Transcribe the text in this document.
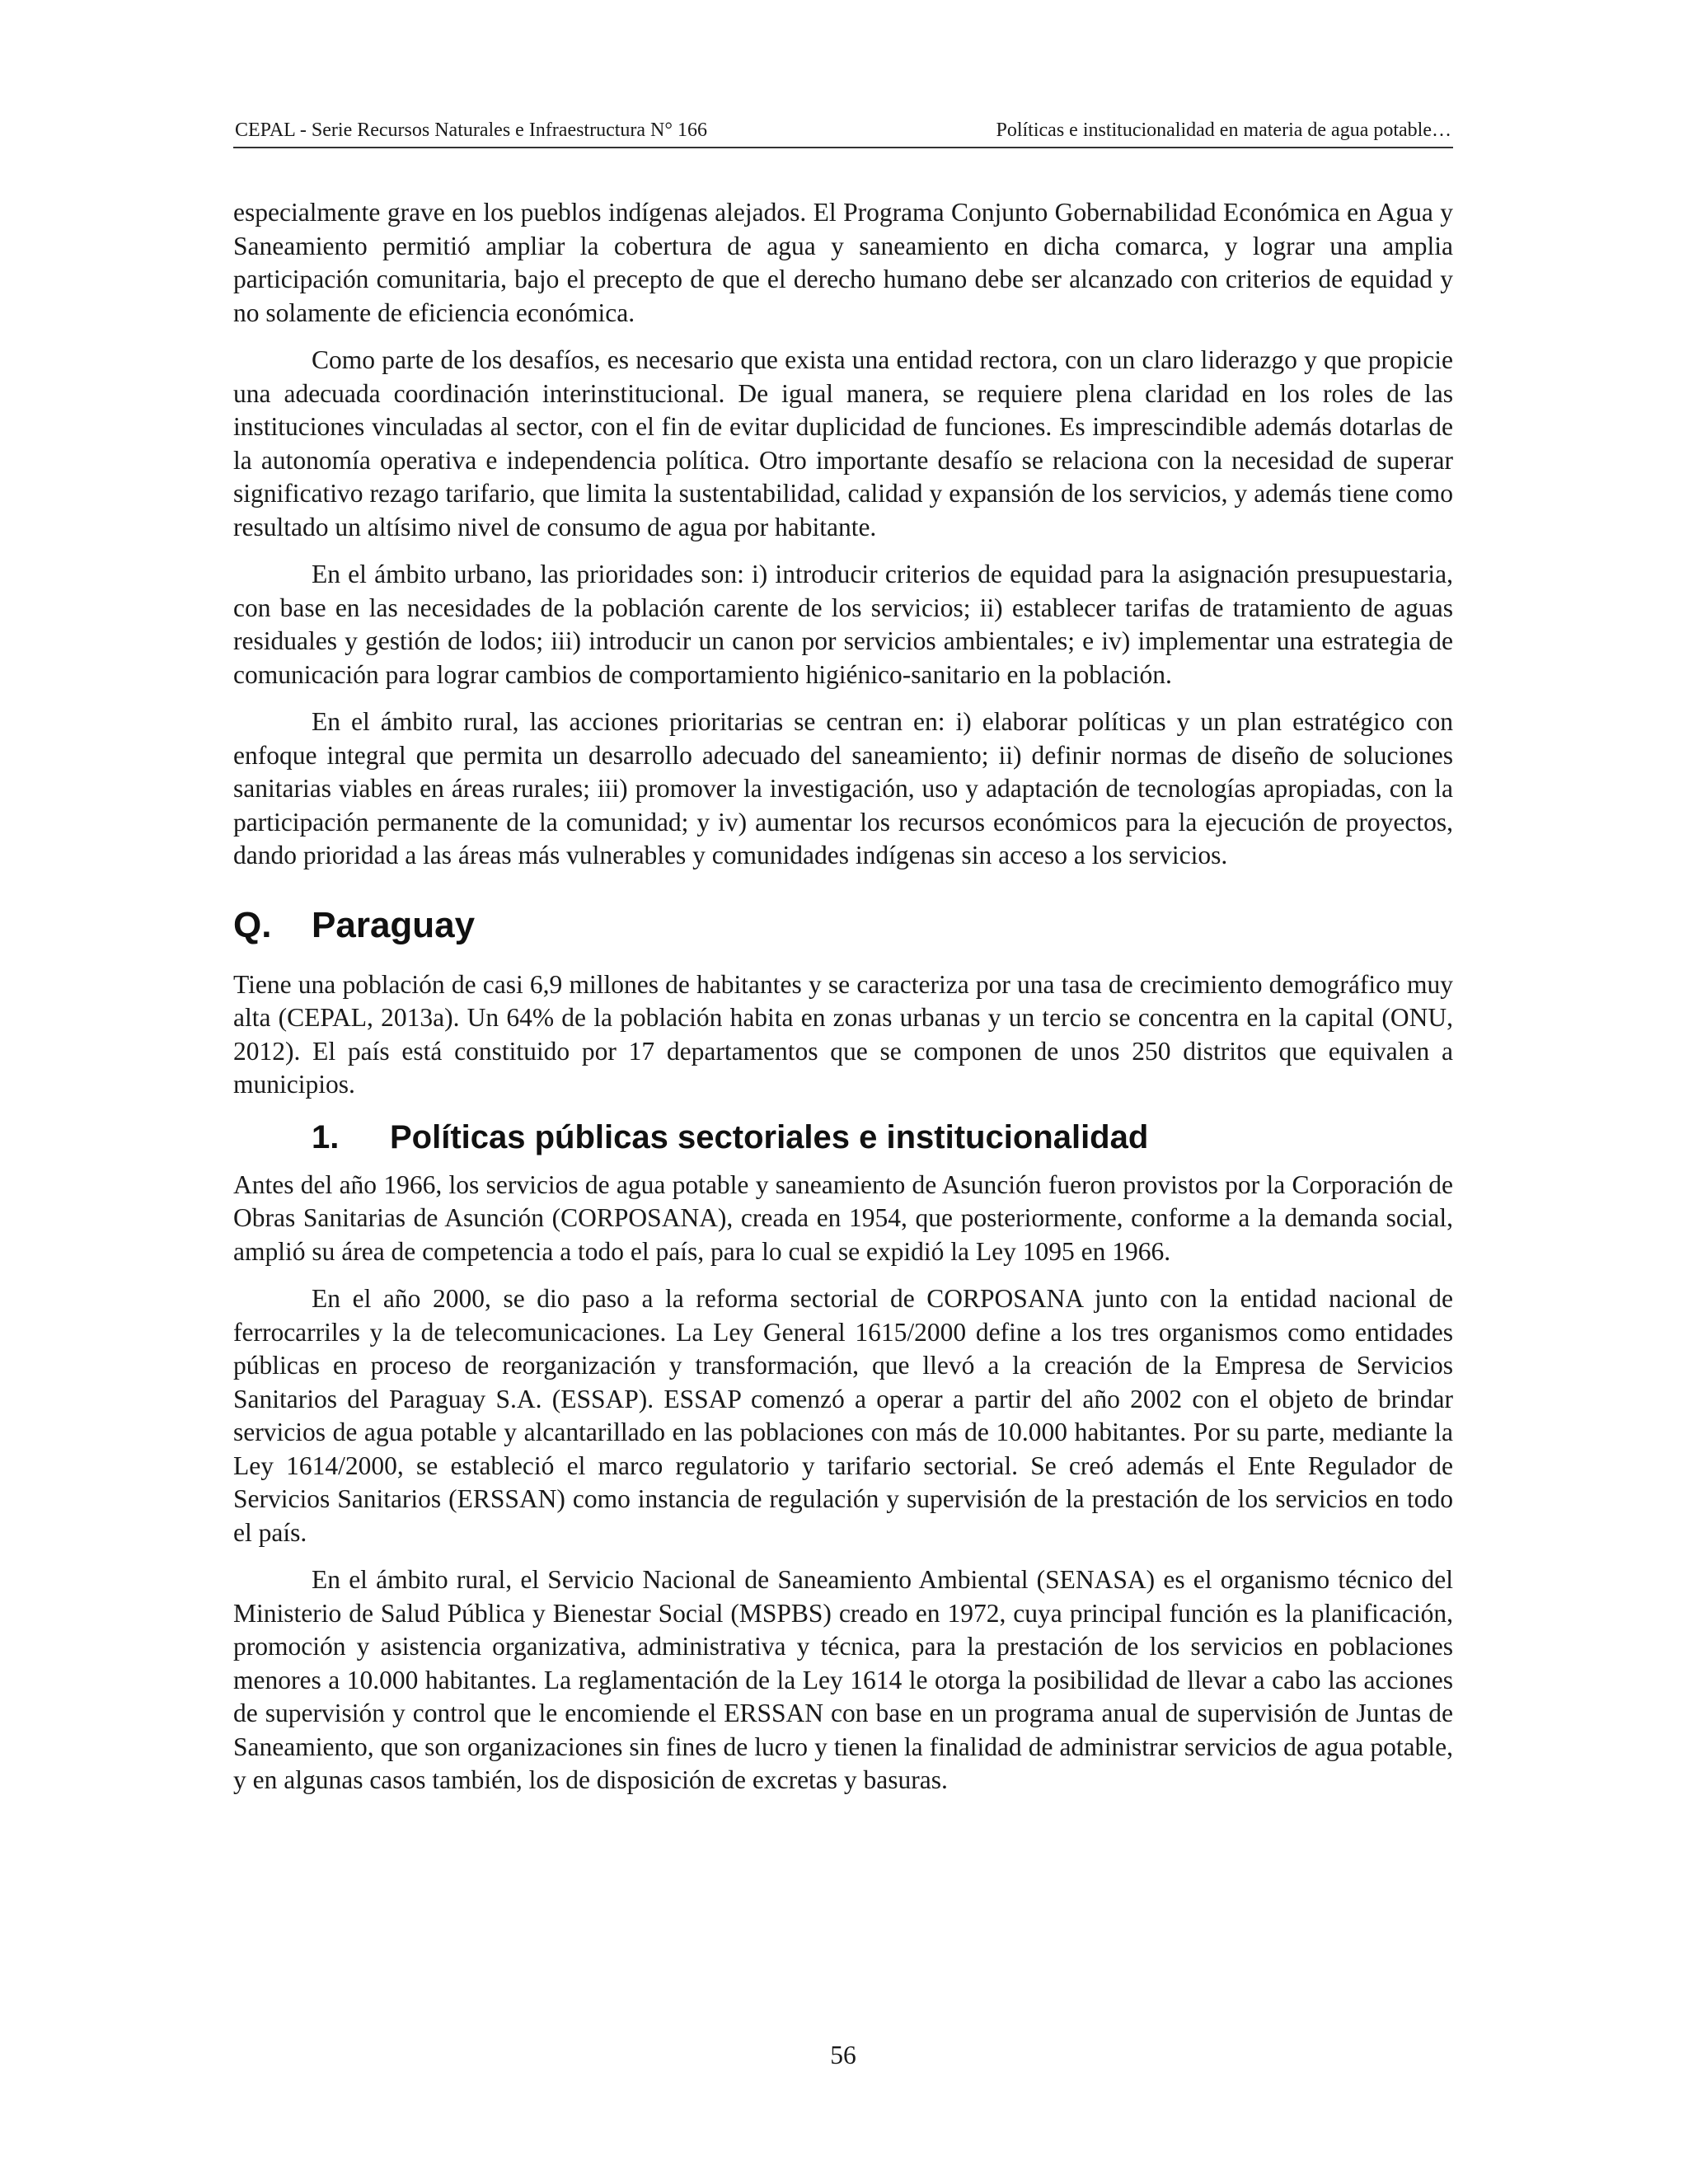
CEPAL - Serie Recursos Naturales e Infraestructura N° 166	Políticas e institucionalidad en materia de agua potable…

especialmente grave en los pueblos indígenas alejados. El Programa Conjunto Gobernabilidad Económica en Agua y Saneamiento permitió ampliar la cobertura de agua y saneamiento en dicha comarca, y lograr una amplia participación comunitaria, bajo el precepto de que el derecho humano debe ser alcanzado con criterios de equidad y no solamente de eficiencia económica.

Como parte de los desafíos, es necesario que exista una entidad rectora, con un claro liderazgo y que propicie una adecuada coordinación interinstitucional. De igual manera, se requiere plena claridad en los roles de las instituciones vinculadas al sector, con el fin de evitar duplicidad de funciones. Es imprescindible además dotarlas de la autonomía operativa e independencia política. Otro importante desafío se relaciona con la necesidad de superar significativo rezago tarifario, que limita la sustentabilidad, calidad y expansión de los servicios, y además tiene como resultado un altísimo nivel de consumo de agua por habitante.

En el ámbito urbano, las prioridades son: i) introducir criterios de equidad para la asignación presupuestaria, con base en las necesidades de la población carente de los servicios; ii) establecer tarifas de tratamiento de aguas residuales y gestión de lodos; iii) introducir un canon por servicios ambientales; e iv) implementar una estrategia de comunicación para lograr cambios de comportamiento higiénico-sanitario en la población.

En el ámbito rural, las acciones prioritarias se centran en: i) elaborar políticas y un plan estratégico con enfoque integral que permita un desarrollo adecuado del saneamiento; ii) definir normas de diseño de soluciones sanitarias viables en áreas rurales; iii) promover la investigación, uso y adaptación de tecnologías apropiadas, con la participación permanente de la comunidad; y iv) aumentar los recursos económicos para la ejecución de proyectos, dando prioridad a las áreas más vulnerables y comunidades indígenas sin acceso a los servicios.

Q. Paraguay

Tiene una población de casi 6,9 millones de habitantes y se caracteriza por una tasa de crecimiento demográfico muy alta (CEPAL, 2013a). Un 64% de la población habita en zonas urbanas y un tercio se concentra en la capital (ONU, 2012). El país está constituido por 17 departamentos que se componen de unos 250 distritos que equivalen a municipios.

1. Políticas públicas sectoriales e institucionalidad

Antes del año 1966, los servicios de agua potable y saneamiento de Asunción fueron provistos por la Corporación de Obras Sanitarias de Asunción (CORPOSANA), creada en 1954, que posteriormente, conforme a la demanda social, amplió su área de competencia a todo el país, para lo cual se expidió la Ley 1095 en 1966.

En el año 2000, se dio paso a la reforma sectorial de CORPOSANA junto con la entidad nacional de ferrocarriles y la de telecomunicaciones. La Ley General 1615/2000 define a los tres organismos como entidades públicas en proceso de reorganización y transformación, que llevó a la creación de la Empresa de Servicios Sanitarios del Paraguay S.A. (ESSAP). ESSAP comenzó a operar a partir del año 2002 con el objeto de brindar servicios de agua potable y alcantarillado en las poblaciones con más de 10.000 habitantes. Por su parte, mediante la Ley 1614/2000, se estableció el marco regulatorio y tarifario sectorial. Se creó además el Ente Regulador de Servicios Sanitarios (ERSSAN) como instancia de regulación y supervisión de la prestación de los servicios en todo el país.

En el ámbito rural, el Servicio Nacional de Saneamiento Ambiental (SENASA) es el organismo técnico del Ministerio de Salud Pública y Bienestar Social (MSPBS) creado en 1972, cuya principal función es la planificación, promoción y asistencia organizativa, administrativa y técnica, para la prestación de los servicios en poblaciones menores a 10.000 habitantes. La reglamentación de la Ley 1614 le otorga la posibilidad de llevar a cabo las acciones de supervisión y control que le encomiende el ERSSAN con base en un programa anual de supervisión de Juntas de Saneamiento, que son organizaciones sin fines de lucro y tienen la finalidad de administrar servicios de agua potable, y en algunas casos también, los de disposición de excretas y basuras.

56
